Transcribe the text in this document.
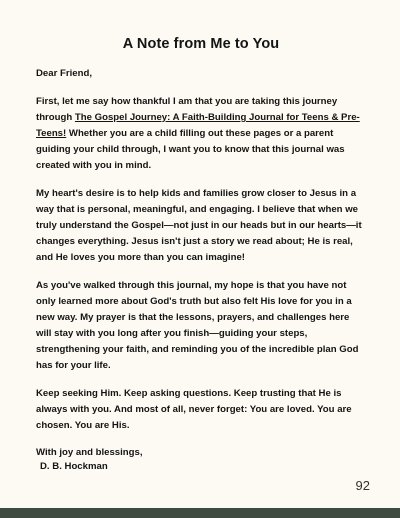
A Note from Me to You

Dear Friend,

First, let me say how thankful I am that you are taking this journey through The Gospel Journey: A Faith-Building Journal for Teens & Pre-Teens! Whether you are a child filling out these pages or a parent guiding your child through, I want you to know that this journal was created with you in mind.

My heart's desire is to help kids and families grow closer to Jesus in a way that is personal, meaningful, and engaging. I believe that when we truly understand the Gospel—not just in our heads but in our hearts—it changes everything. Jesus isn't just a story we read about; He is real, and He loves you more than you can imagine!

As you've walked through this journal, my hope is that you have not only learned more about God's truth but also felt His love for you in a new way. My prayer is that the lessons, prayers, and challenges here will stay with you long after you finish—guiding your steps, strengthening your faith, and reminding you of the incredible plan God has for your life.

Keep seeking Him. Keep asking questions. Keep trusting that He is always with you. And most of all, never forget: You are loved. You are chosen. You are His.

With joy and blessings,

D. B. Hockman

92
